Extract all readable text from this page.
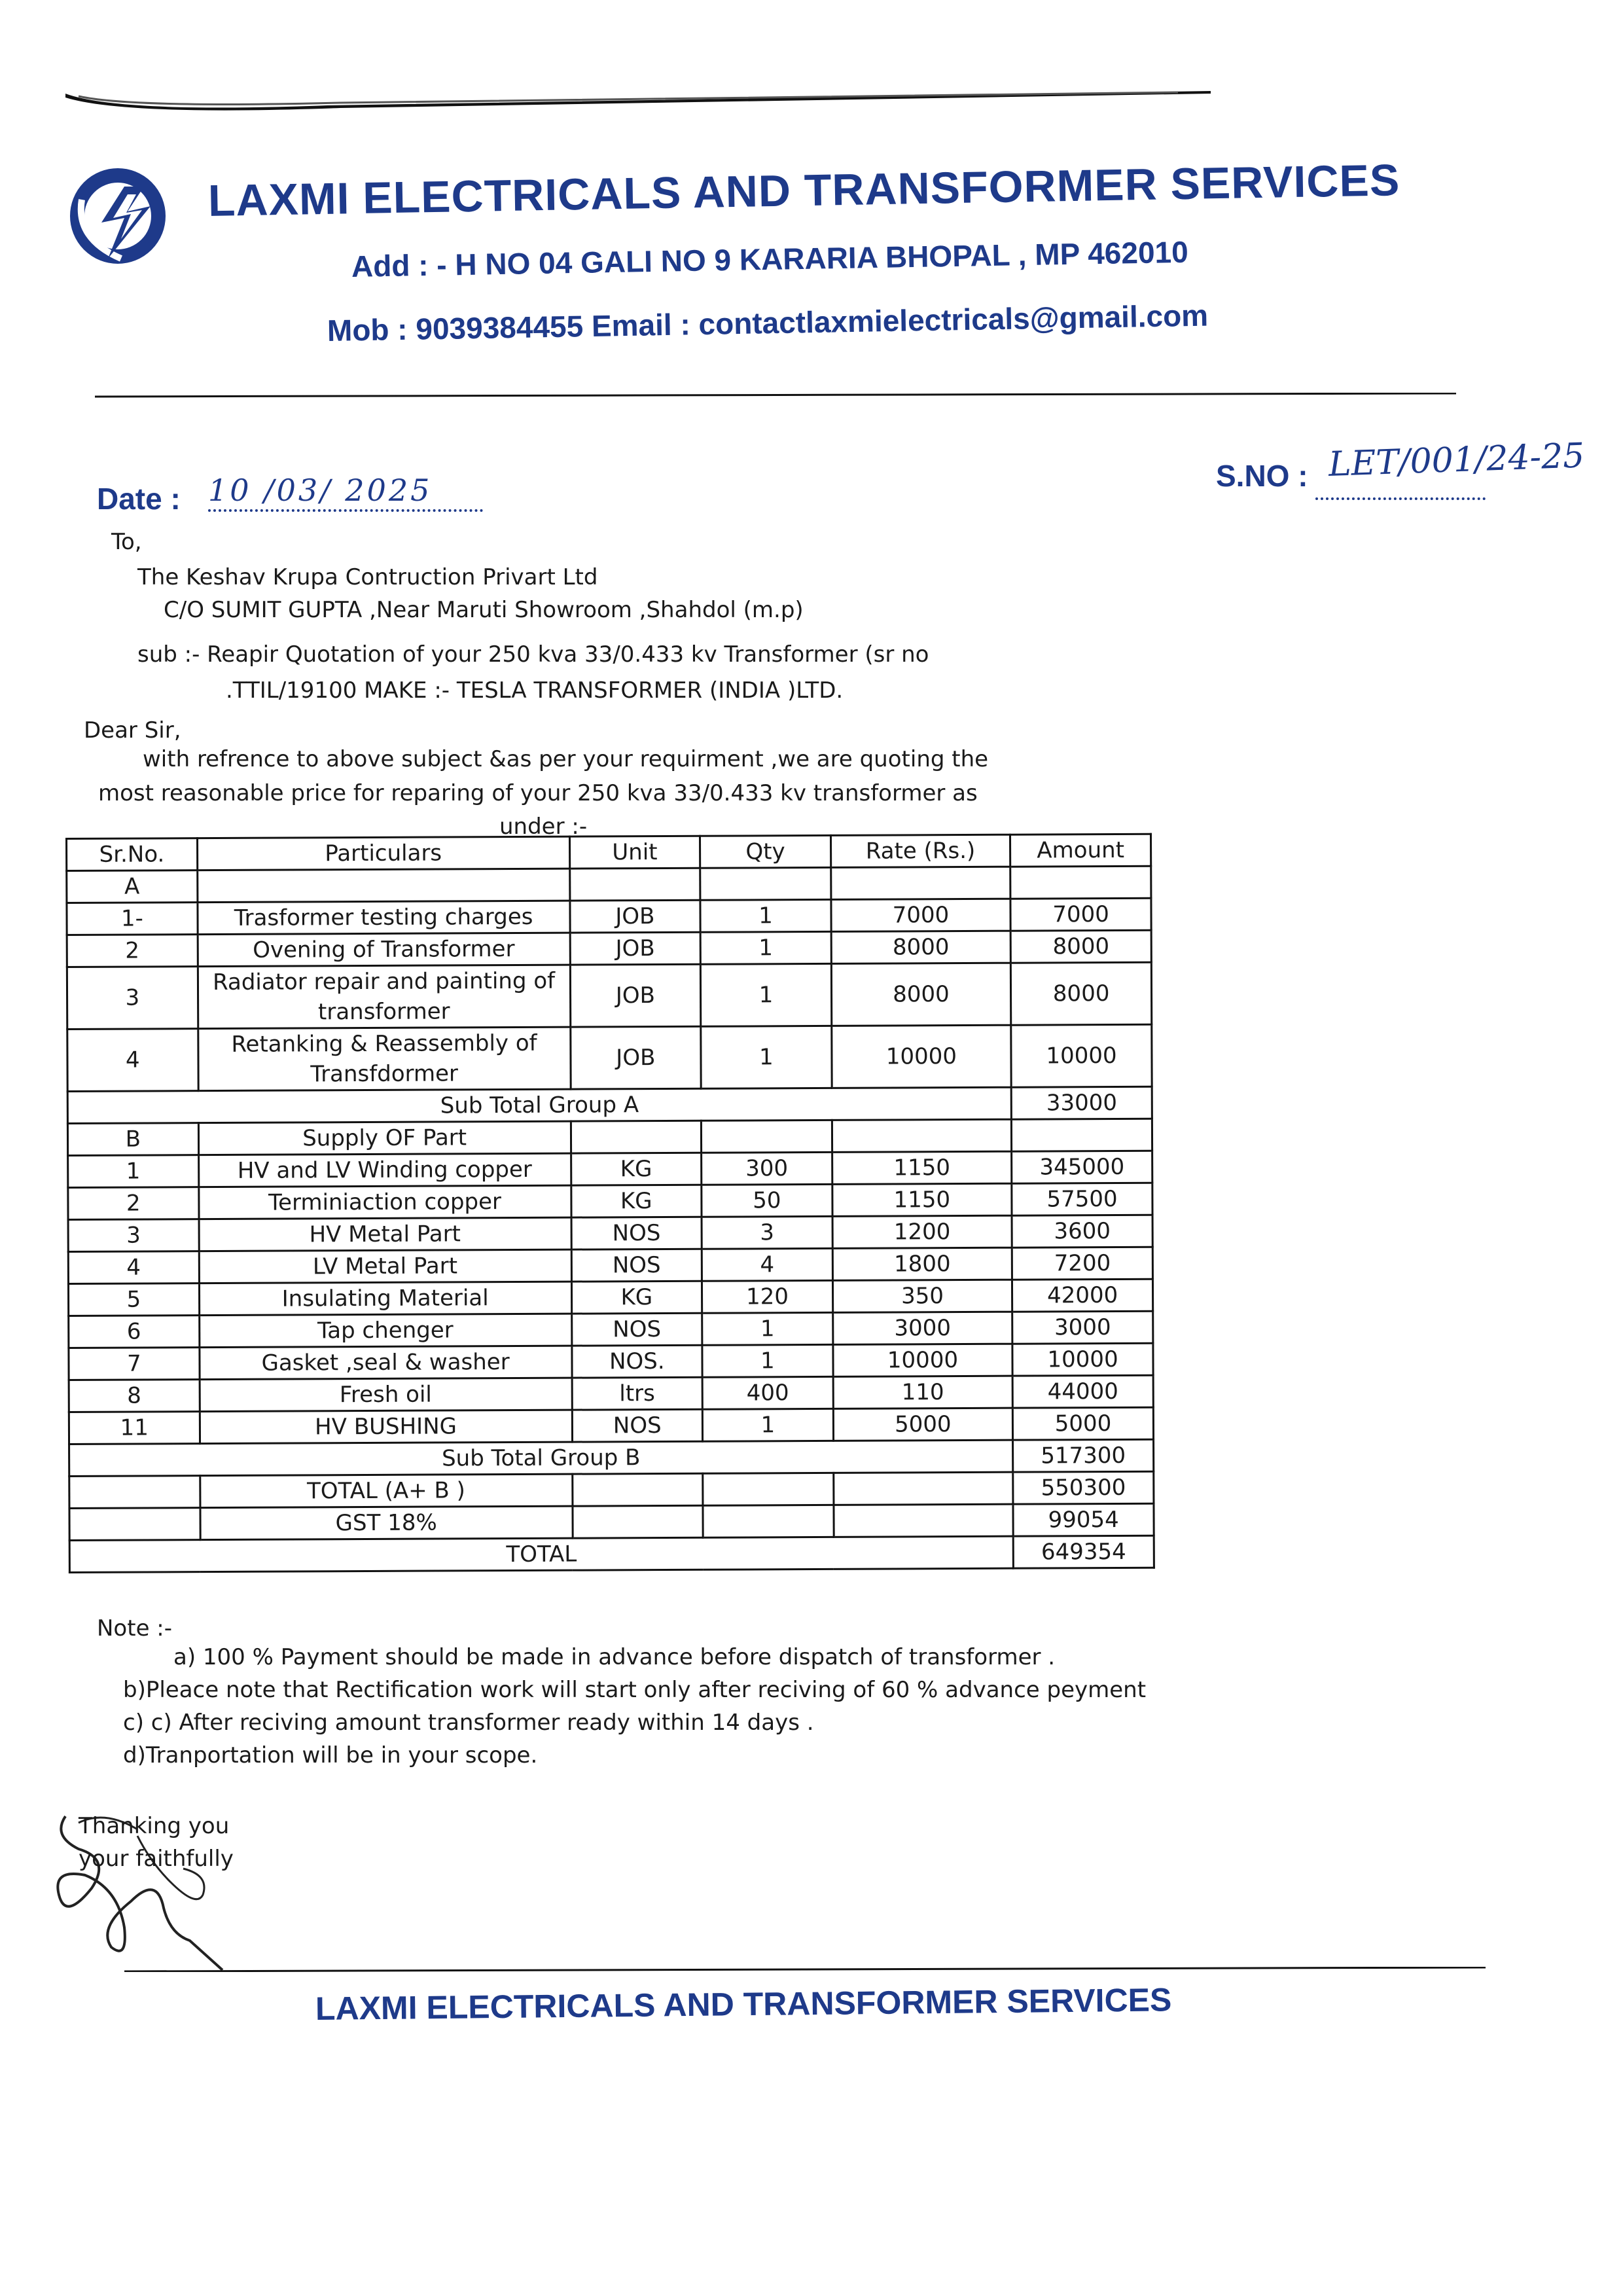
LAXMI ELECTRICALS AND TRANSFORMER SERVICES
Add : - H NO 04 GALI NO 9 KARARIA BHOPAL , MP 462010
Mob : 9039384455 Email : contactlaxmielectricals@gmail.com
Date : 10 /03/ 2025	S.NO : LET/001/24-25
To,
The Keshav Krupa Contruction Privart Ltd
C/O SUMIT GUPTA ,Near Maruti Showroom ,Shahdol (m.p)
sub :- Reapir Quotation of your 250 kva 33/0.433 kv Transformer (sr no
.TTIL/19100 MAKE :- TESLA TRANSFORMER (INDIA )LTD.
Dear Sir,
with refrence to above subject &as per your requirment ,we are quoting the
most reasonable price for reparing of your 250 kva 33/0.433 kv transformer as
under :-
Sr.No.	Particulars	Unit	Qty	Rate (Rs.)	Amount
A					
1-	Trasformer testing charges	JOB	1	7000	7000
2	Ovening of Transformer	JOB	1	8000	8000
3	Radiator repair and painting of transformer	JOB	1	8000	8000
4	Retanking & Reassembly of Transfdormer	JOB	1	10000	10000
Sub Total Group A					33000
B	Supply OF Part				
1	HV and LV Winding copper	KG	300	1150	345000
2	Terminiaction copper	KG	50	1150	57500
3	HV Metal Part	NOS	3	1200	3600
4	LV Metal Part	NOS	4	1800	7200
5	Insulating Material	KG	120	350	42000
6	Tap chenger	NOS	1	3000	3000
7	Gasket ,seal & washer	NOS.	1	10000	10000
8	Fresh oil	ltrs	400	110	44000
11	HV BUSHING	NOS	1	5000	5000
Sub Total Group B					517300
	TOTAL (A+ B )				550300
	GST 18%				99054
TOTAL					649354
Note :-
a) 100 % Payment should be made in advance before dispatch of transformer .
b)Pleace note that Rectification work will start only after reciving of 60 % advance peyment
c) c) After reciving amount transformer ready within 14 days .
d)Tranportation will be in your scope.
Thanking you
your faithfully
LAXMI ELECTRICALS AND TRANSFORMER SERVICES
